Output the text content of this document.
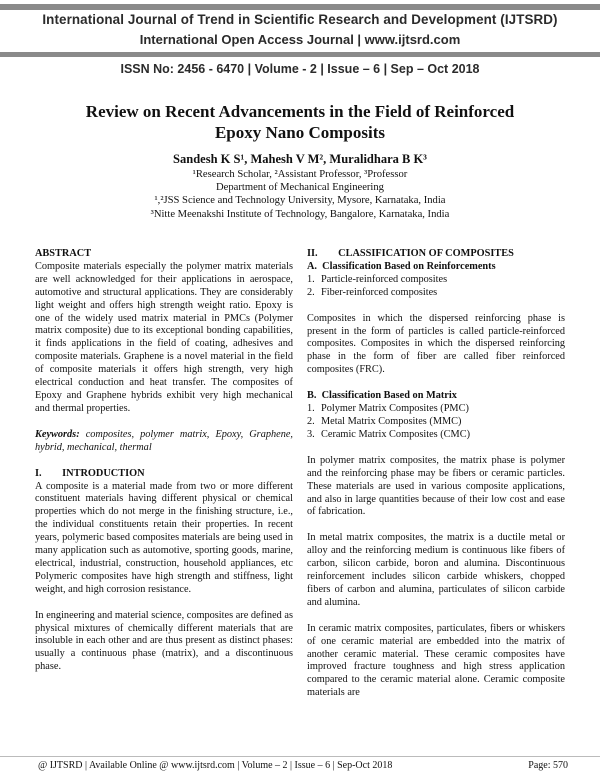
International Journal of Trend in Scientific Research and Development (IJTSRD)
International Open Access Journal | www.ijtsrd.com
ISSN No: 2456 - 6470 | Volume - 2 | Issue – 6 | Sep – Oct 2018
Review on Recent Advancements in the Field of Reinforced
Epoxy Nano Composits
Sandesh K S¹, Mahesh V M², Muralidhara B K³
¹Research Scholar, ²Assistant Professor, ³Professor
Department of Mechanical Engineering
¹,²JSS Science and Technology University, Mysore, Karnataka, India
³Nitte Meenakshi Institute of Technology, Bangalore, Karnataka, India

ABSTRACT

Composite materials especially the polymer matrix materials are well acknowledged for their applications in aerospace, automotive and structural applications. They are considerably light weight and offers high strength weight ratio. Epoxy is one of the widely used matrix material in PMCs (Polymer matrix composite) due to its exceptional bonding capabilities, it finds applications in the field of coating, adhesives and composite materials. Graphene is a novel material in the field of composite materials it offers high strength, very high electrical conduction and heat transfer. The composites of Epoxy and Graphene hybrids exhibit very high mechanical and thermal properties.

Keywords: composites, polymer matrix, Epoxy, Graphene, hybrid, mechanical, thermal

I.        INTRODUCTION

A composite is a material made from two or more different constituent materials having different physical or chemical properties which do not merge in the finishing structure, i.e., the individual constituents retain their properties. In recent years, polymeric based composites materials are being used in many application such as automotive, sporting goods, marine, electrical, industrial, construction, household appliances, etc Polymeric composites have high strength and stiffness, light weight, and high corrosion resistance.

In engineering and material science, composites are defined as physical mixtures of chemically different materials that are insoluble in each other and are thus present as distinct phases: usually a continuous phase (matrix), and a discontinuous phase.

II.        CLASSIFICATION OF COMPOSITES

A.  Classification Based on Reinforcements

1. Particle-reinforced composites
2. Fiber-reinforced composites

Composites in which the dispersed reinforcing phase is present in the form of particles is called particle-reinforced composites. Composites in which the dispersed reinforcing phase in the form of fiber are called fiber reinforced composites (FRC).

B.  Classification Based on Matrix

1. Polymer Matrix Composites (PMC)
2. Metal Matrix Composites (MMC)
3. Ceramic Matrix Composites (CMC)

In polymer matrix composites, the matrix phase is polymer and the reinforcing phase may be fibers or ceramic particles. These materials are used in various composite applications, and also in large quantities because of their low cost and ease of fabrication.

In metal matrix composites, the matrix is a ductile metal or alloy and the reinforcing medium is continuous like fibers of carbon, silicon carbide, boron and alumina. Discontinuous reinforcement includes silicon carbide whiskers, chopped fibers of carbon and alumina, particulates of silicon carbide and alumina.

In ceramic matrix composites, particulates, fibers or whiskers of one ceramic material are embedded into the matrix of another ceramic material. These ceramic composites have improved fracture toughness and high stress application compared to the ceramic material alone. Ceramic composite materials are

@ IJTSRD | Available Online @ www.ijtsrd.com | Volume – 2 | Issue – 6 | Sep-Oct 2018	Page: 570
